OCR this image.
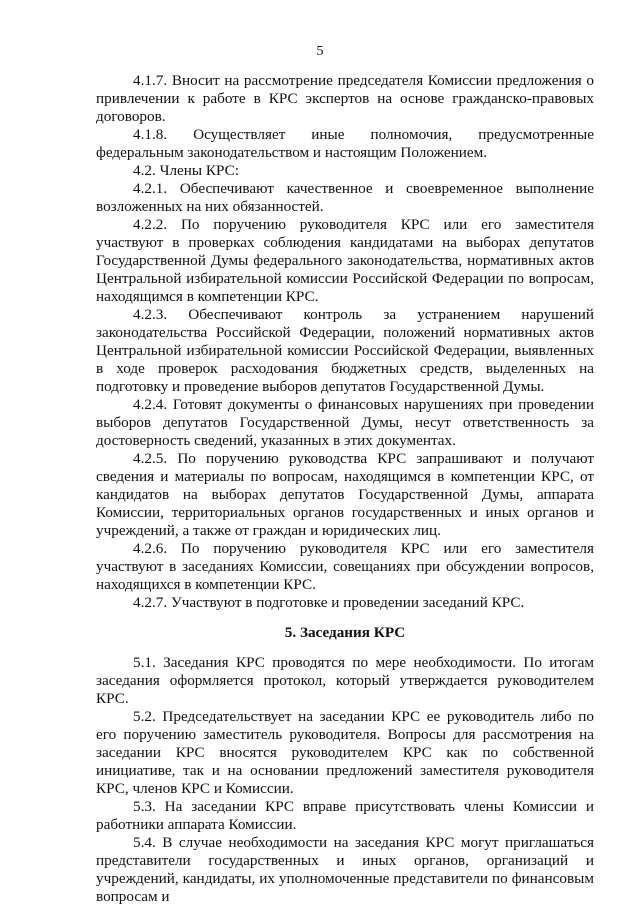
5

4.1.7. Вносит на рассмотрение председателя Комиссии предложения о привлечении к работе в КРС экспертов на основе гражданско-правовых договоров.

4.1.8. Осуществляет иные полномочия, предусмотренные федеральным законодательством и настоящим Положением.

4.2. Члены КРС:

4.2.1. Обеспечивают качественное и своевременное выполнение возложенных на них обязанностей.

4.2.2. По поручению руководителя КРС или его заместителя участвуют в проверках соблюдения кандидатами на выборах депутатов Государственной Думы федерального законодательства, нормативных актов Центральной избирательной комиссии Российской Федерации по вопросам, находящимся в компетенции КРС.

4.2.3. Обеспечивают контроль за устранением нарушений законодательства Российской Федерации, положений нормативных актов Центральной избирательной комиссии Российской Федерации, выявленных в ходе проверок расходования бюджетных средств, выделенных на подготовку и проведение выборов депутатов Государственной Думы.

4.2.4. Готовят документы о финансовых нарушениях при проведении выборов депутатов Государственной Думы, несут ответственность за достоверность сведений, указанных в этих документах.

4.2.5. По поручению руководства КРС запрашивают и получают сведения и материалы по вопросам, находящимся в компетенции КРС, от кандидатов на выборах депутатов Государственной Думы, аппарата Комиссии, территориальных органов государственных и иных органов и учреждений, а также от граждан и юридических лиц.

4.2.6. По поручению руководителя КРС или его заместителя участвуют в заседаниях Комиссии, совещаниях при обсуждении вопросов, находящихся в компетенции КРС.

4.2.7. Участвуют в подготовке и проведении заседаний КРС.

5. Заседания КРС

5.1. Заседания КРС проводятся по мере необходимости. По итогам заседания оформляется протокол, который утверждается руководителем КРС.

5.2. Председательствует на заседании КРС ее руководитель либо по его поручению заместитель руководителя. Вопросы для рассмотрения на заседании КРС вносятся руководителем КРС как по собственной инициативе, так и на основании предложений заместителя руководителя КРС, членов КРС и Комиссии.

5.3. На заседании КРС вправе присутствовать члены Комиссии и работники аппарата Комиссии.

5.4. В случае необходимости на заседания КРС могут приглашаться представители государственных и иных органов, организаций и учреждений, кандидаты, их уполномоченные представители по финансовым вопросам и
